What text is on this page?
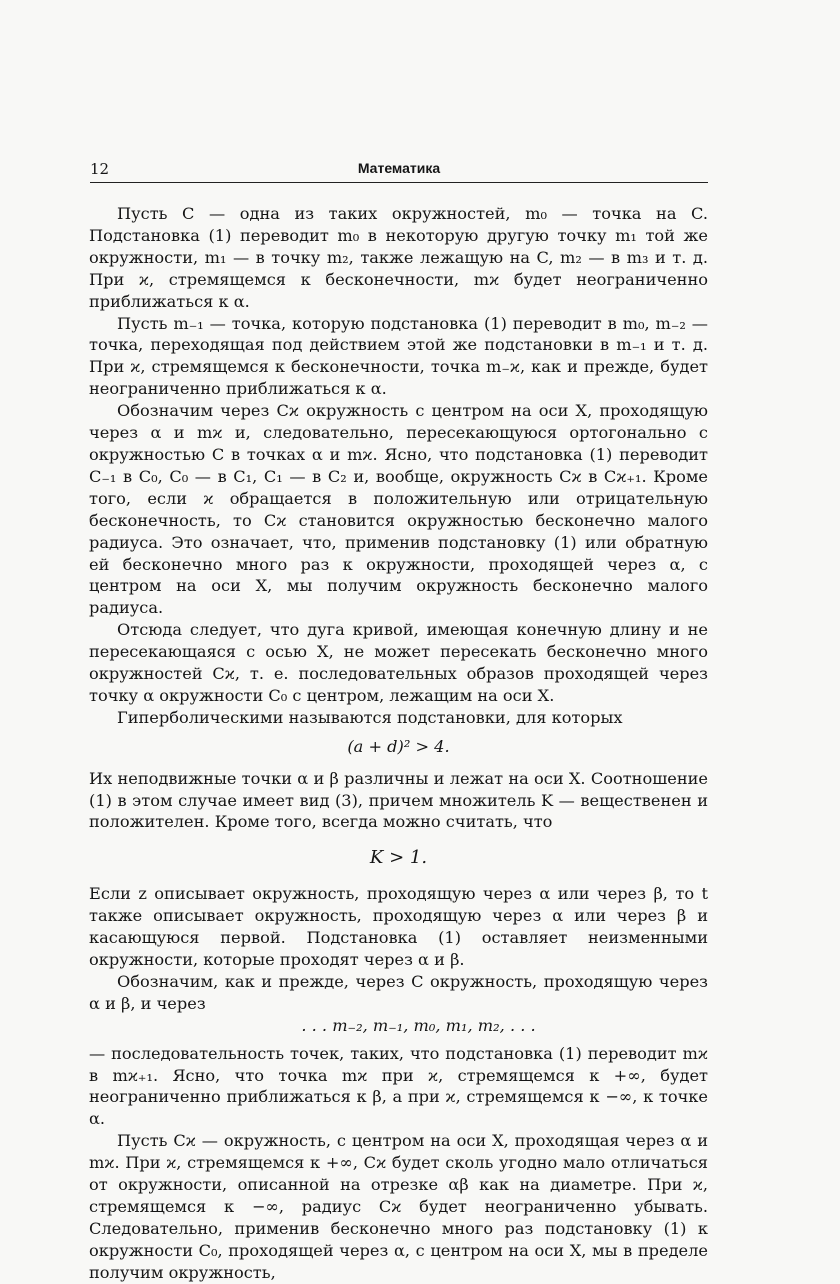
12	Математика

Пусть C — одна из таких окружностей, m₀ — точка на C. Подстановка (1) переводит m₀ в некоторую другую точку m₁ той же окружности, m₁ — в точку m₂, также лежащую на C, m₂ — в m₃ и т. д. При ϰ, стремящемся к бесконечности, mϰ будет неограниченно приближаться к α.

Пусть m₋₁ — точка, которую подстановка (1) переводит в m₀, m₋₂ — точка, переходящая под действием этой же подстановки в m₋₁ и т. д. При ϰ, стремящемся к бесконечности, точка m₋ϰ, как и прежде, будет неограниченно приближаться к α.

Обозначим через Cϰ окружность с центром на оси X, проходящую через α и mϰ и, следовательно, пересекающуюся ортогонально с окружностью C в точках α и mϰ. Ясно, что подстановка (1) переводит C₋₁ в C₀, C₀ — в C₁, C₁ — в C₂ и, вообще, окружность Cϰ в Cϰ₊₁. Кроме того, если ϰ обращается в положительную или отрицательную бесконечность, то Cϰ становится окружностью бесконечно малого радиуса. Это означает, что, применив подстановку (1) или обратную ей бесконечно много раз к окружности, проходящей через α, с центром на оси X, мы получим окружность бесконечно малого радиуса.

Отсюда следует, что дуга кривой, имеющая конечную длину и не пересекающаяся с осью X, не может пересекать бесконечно много окружностей Cϰ, т. е. последовательных образов проходящей через точку α окружности C₀ с центром, лежащим на оси X.

Гиперболическими называются подстановки, для которых

(a + d)² > 4.

Их неподвижные точки α и β различны и лежат на оси X. Соотношение (1) в этом случае имеет вид (3), причем множитель K — вещественен и положителен. Кроме того, всегда можно считать, что

K > 1.

Если z описывает окружность, проходящую через α или через β, то t также описывает окружность, проходящую через α или через β и касающуюся первой. Подстановка (1) оставляет неизменными окружности, которые проходят через α и β.

Обозначим, как и прежде, через C окружность, проходящую через α и β, и через

. . . m₋₂, m₋₁, m₀, m₁, m₂, . . .

— последовательность точек, таких, что подстановка (1) переводит mϰ в mϰ₊₁. Ясно, что точка mϰ при ϰ, стремящемся к +∞, будет неограниченно приближаться к β, а при ϰ, стремящемся к −∞, к точке α.

Пусть Cϰ — окружность, с центром на оси X, проходящая через α и mϰ. При ϰ, стремящемся к +∞, Cϰ будет сколь угодно мало отличаться от окружности, описанной на отрезке αβ как на диаметре. При ϰ, стремящемся к −∞, радиус Cϰ будет неограниченно убывать. Следовательно, применив бесконечно много раз подстановку (1) к окружности C₀, проходящей через α, с центром на оси X, мы в пределе получим окружность,
